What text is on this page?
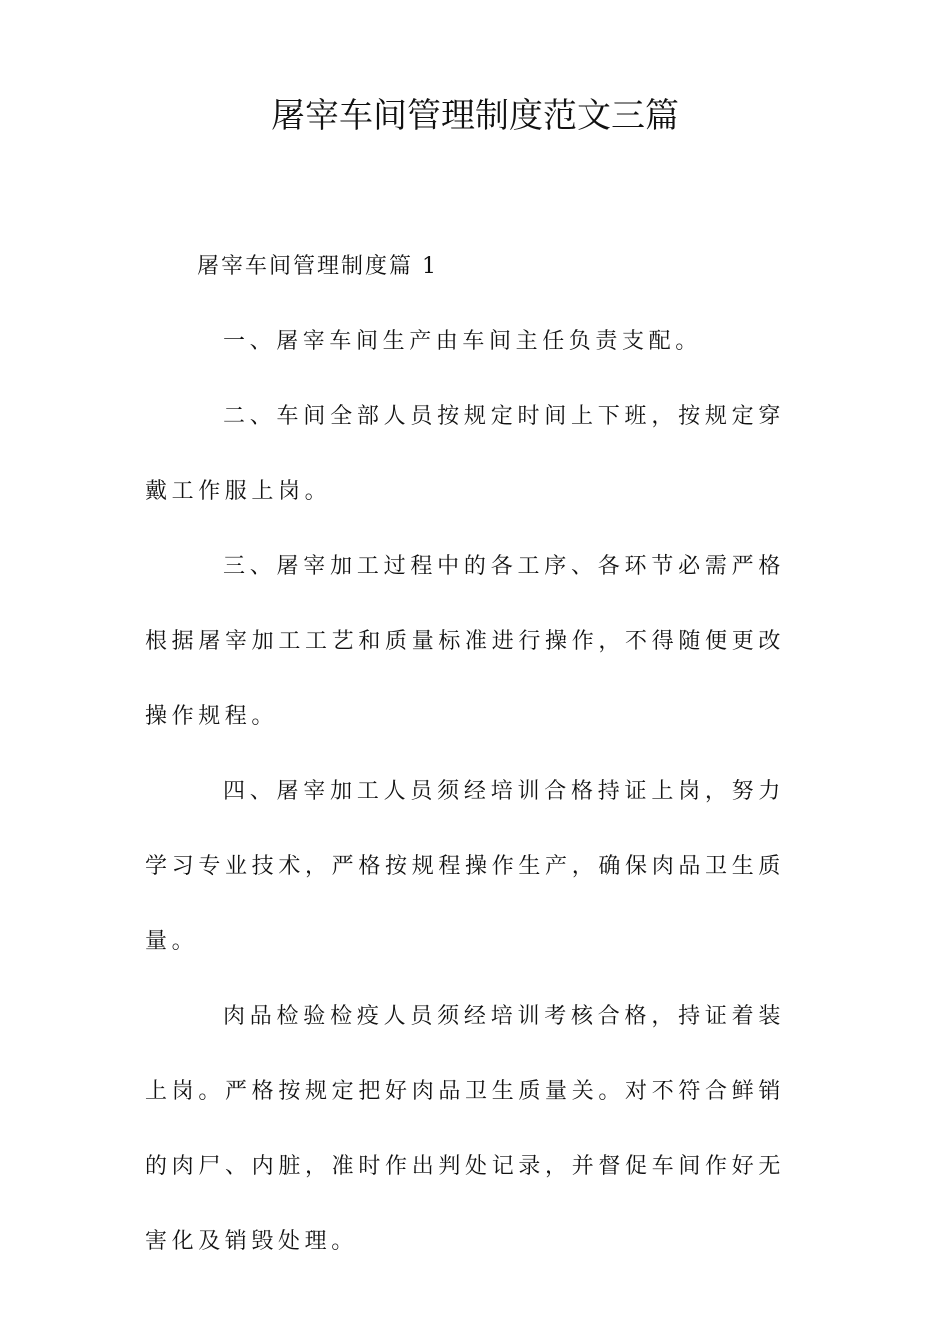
屠宰车间管理制度范文三篇

屠宰车间管理制度篇 1

一、屠宰车间生产由车间主任负责支配。

二、车间全部人员按规定时间上下班，按规定穿戴工作服上岗。

三、屠宰加工过程中的各工序、各环节必需严格根据屠宰加工工艺和质量标准进行操作，不得随便更改操作规程。

四、屠宰加工人员须经培训合格持证上岗，努力学习专业技术，严格按规程操作生产，确保肉品卫生质量。

肉品检验检疫人员须经培训考核合格，持证着装上岗。严格按规定把好肉品卫生质量关。对不符合鲜销的肉尸、内脏，准时作出判处记录，并督促车间作好无害化及销毁处理。
